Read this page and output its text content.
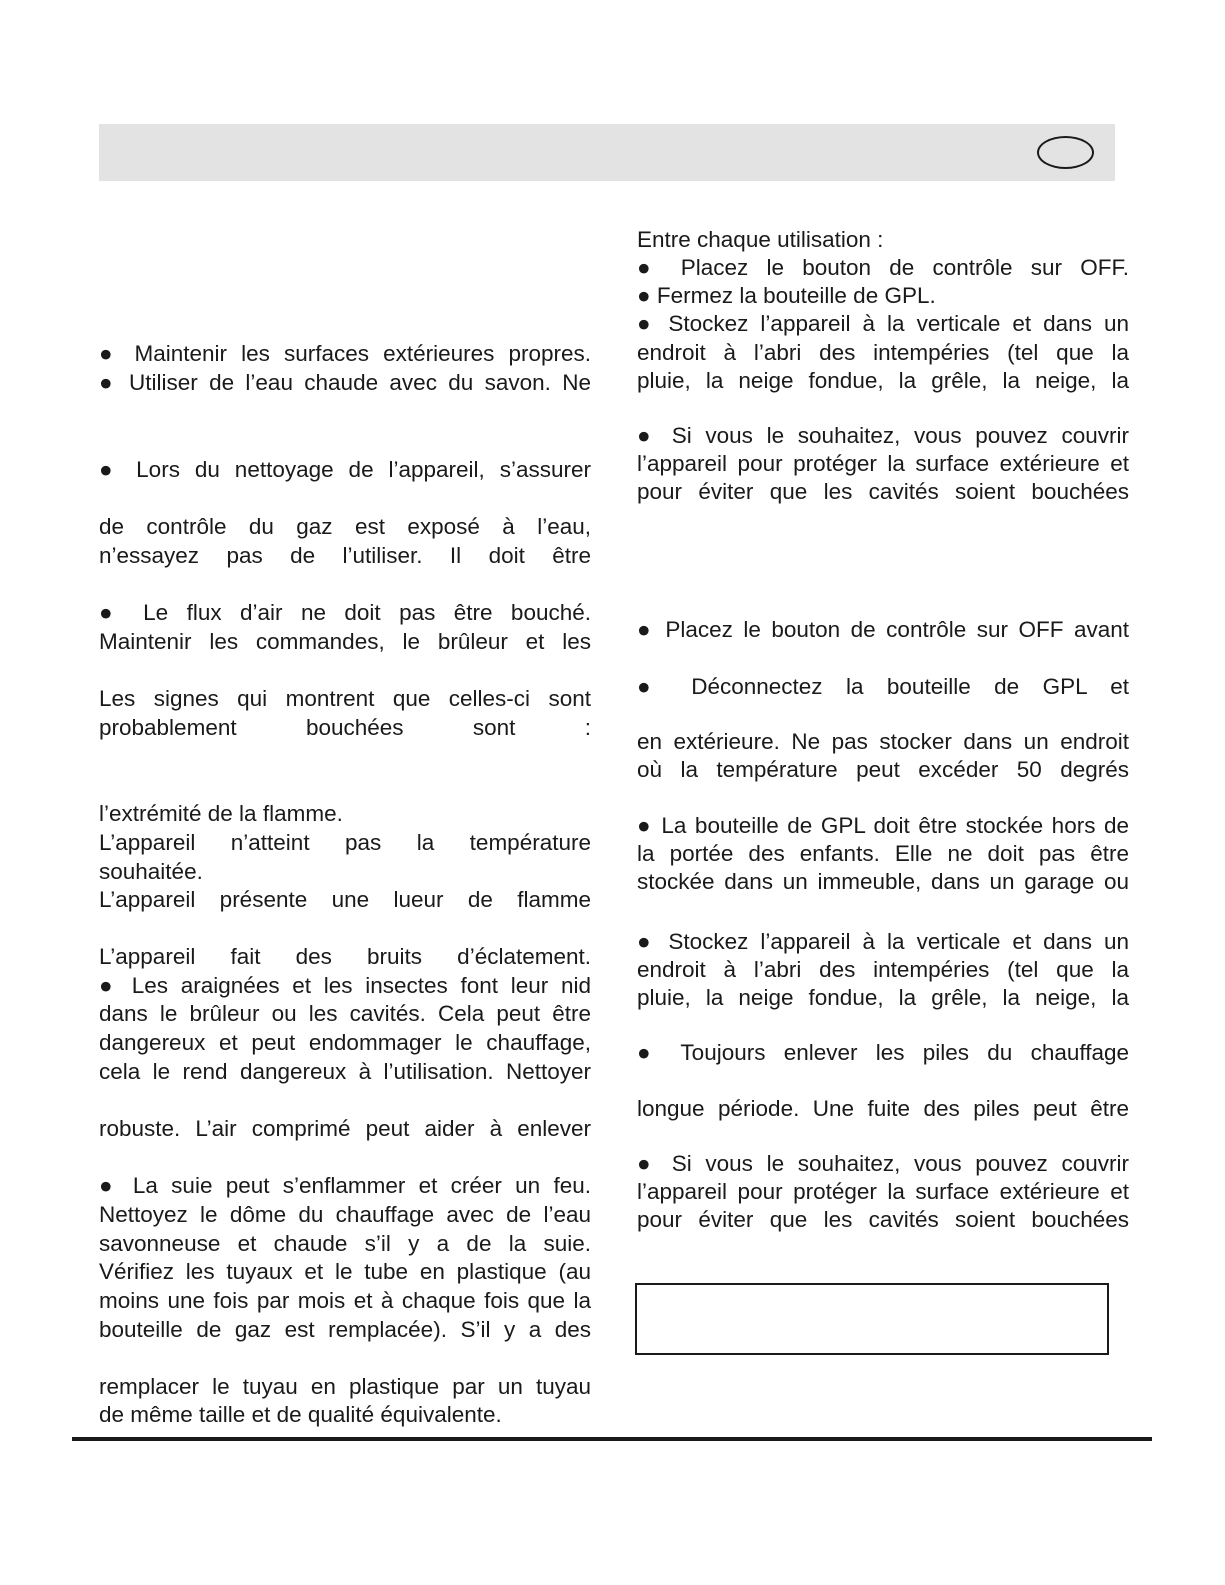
● Maintenir les surfaces extérieures propres.
● Utiliser de l’eau chaude avec du savon. Ne
● Lors du nettoyage de l’appareil, s’assurer
de contrôle du gaz est exposé à l’eau,
n’essayez pas de l’utiliser. Il doit être
● Le flux d’air ne doit pas être bouché.
Maintenir les commandes, le brûleur et les
Les signes qui montrent que celles-ci sont
probablement bouchées sont :
l’extrémité de la flamme.
L’appareil n’atteint pas la température
souhaitée.
L’appareil présente une lueur de flamme
L’appareil fait des bruits d’éclatement.
● Les araignées et les insectes font leur nid
dans le brûleur ou les cavités. Cela peut être
dangereux et peut endommager le chauffage,
cela le rend dangereux à l’utilisation. Nettoyer
robuste. L’air comprimé peut aider à enlever
● La suie peut s’enflammer et créer un feu.
Nettoyez le dôme du chauffage avec de l’eau
savonneuse et chaude s’il y a de la suie.
Vérifiez les tuyaux et le tube en plastique (au
moins une fois par mois et à chaque fois que la
bouteille de gaz est remplacée). S’il y a des
remplacer le tuyau en plastique par un tuyau
de même taille et de qualité équivalente.
Entre chaque utilisation :
● Placez le bouton de contrôle sur OFF.
● Fermez la bouteille de GPL.
● Stockez l’appareil à la verticale et dans un
endroit à l’abri des intempéries (tel que la
pluie, la neige fondue, la grêle, la neige, la
● Si vous le souhaitez, vous pouvez couvrir
l’appareil pour protéger la surface extérieure et
pour éviter que les cavités soient bouchées
● Placez le bouton de contrôle sur OFF avant
● Déconnectez la bouteille de GPL et
en extérieure. Ne pas stocker dans un endroit
où la température peut excéder 50 degrés
● La bouteille de GPL doit être stockée hors de
la portée des enfants. Elle ne doit pas être
stockée dans un immeuble, dans un garage ou
● Stockez l’appareil à la verticale et dans un
endroit à l’abri des intempéries (tel que la
pluie, la neige fondue, la grêle, la neige, la
● Toujours enlever les piles du chauffage
longue période. Une fuite des piles peut être
● Si vous le souhaitez, vous pouvez couvrir
l’appareil pour protéger la surface extérieure et
pour éviter que les cavités soient bouchées
